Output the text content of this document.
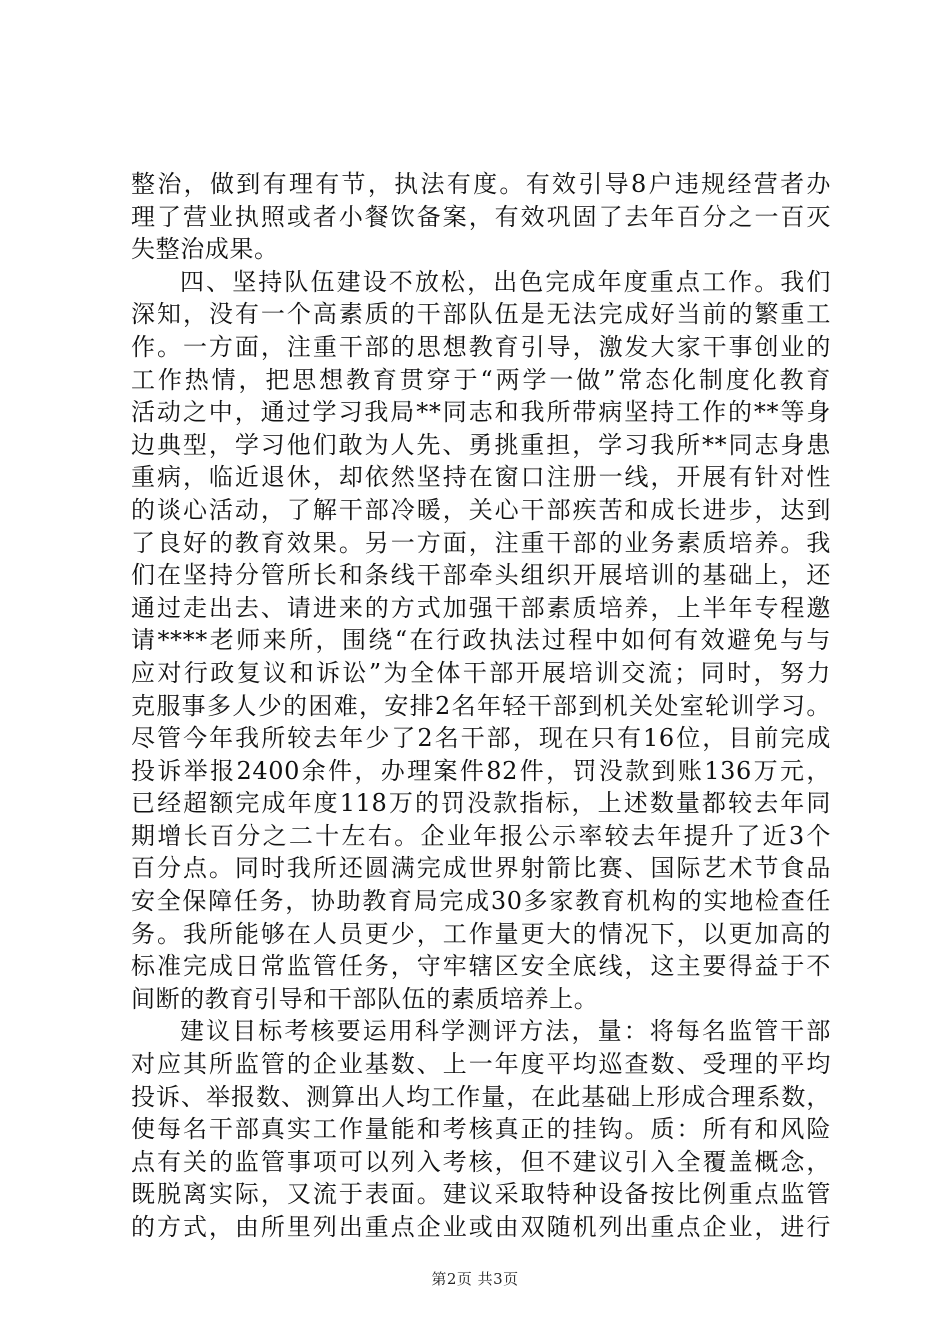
整治，做到有理有节，执法有度。有效引导8户违规经营者办
理了营业执照或者小餐饮备案，有效巩固了去年百分之一百灭
失整治成果。
四、坚持队伍建设不放松，出色完成年度重点工作。我们
深知，没有一个高素质的干部队伍是无法完成好当前的繁重工
作。一方面，注重干部的思想教育引导，激发大家干事创业的
工作热情，把思想教育贯穿于“两学一做”常态化制度化教育
活动之中，通过学习我局**同志和我所带病坚持工作的**等身
边典型，学习他们敢为人先、勇挑重担，学习我所**同志身患
重病，临近退休，却依然坚持在窗口注册一线，开展有针对性
的谈心活动，了解干部冷暖，关心干部疾苦和成长进步，达到
了良好的教育效果。另一方面，注重干部的业务素质培养。我
们在坚持分管所长和条线干部牵头组织开展培训的基础上，还
通过走出去、请进来的方式加强干部素质培养，上半年专程邀
请****老师来所，围绕“在行政执法过程中如何有效避免与与
应对行政复议和诉讼”为全体干部开展培训交流；同时，努力
克服事多人少的困难，安排2名年轻干部到机关处室轮训学习。
尽管今年我所较去年少了2名干部，现在只有16位，目前完成
投诉举报2400余件，办理案件82件，罚没款到账136万元，
已经超额完成年度118万的罚没款指标，上述数量都较去年同
期增长百分之二十左右。企业年报公示率较去年提升了近3个
百分点。同时我所还圆满完成世界射箭比赛、国际艺术节食品
安全保障任务，协助教育局完成30多家教育机构的实地检查任
务。我所能够在人员更少，工作量更大的情况下，以更加高的
标准完成日常监管任务，守牢辖区安全底线，这主要得益于不
间断的教育引导和干部队伍的素质培养上。
建议目标考核要运用科学测评方法，量：将每名监管干部
对应其所监管的企业基数、上一年度平均巡查数、受理的平均
投诉、举报数、测算出人均工作量，在此基础上形成合理系数，
使每名干部真实工作量能和考核真正的挂钩。质：所有和风险
点有关的监管事项可以列入考核，但不建议引入全覆盖概念，
既脱离实际，又流于表面。建议采取特种设备按比例重点监管
的方式，由所里列出重点企业或由双随机列出重点企业，进行
第2页 共3页
